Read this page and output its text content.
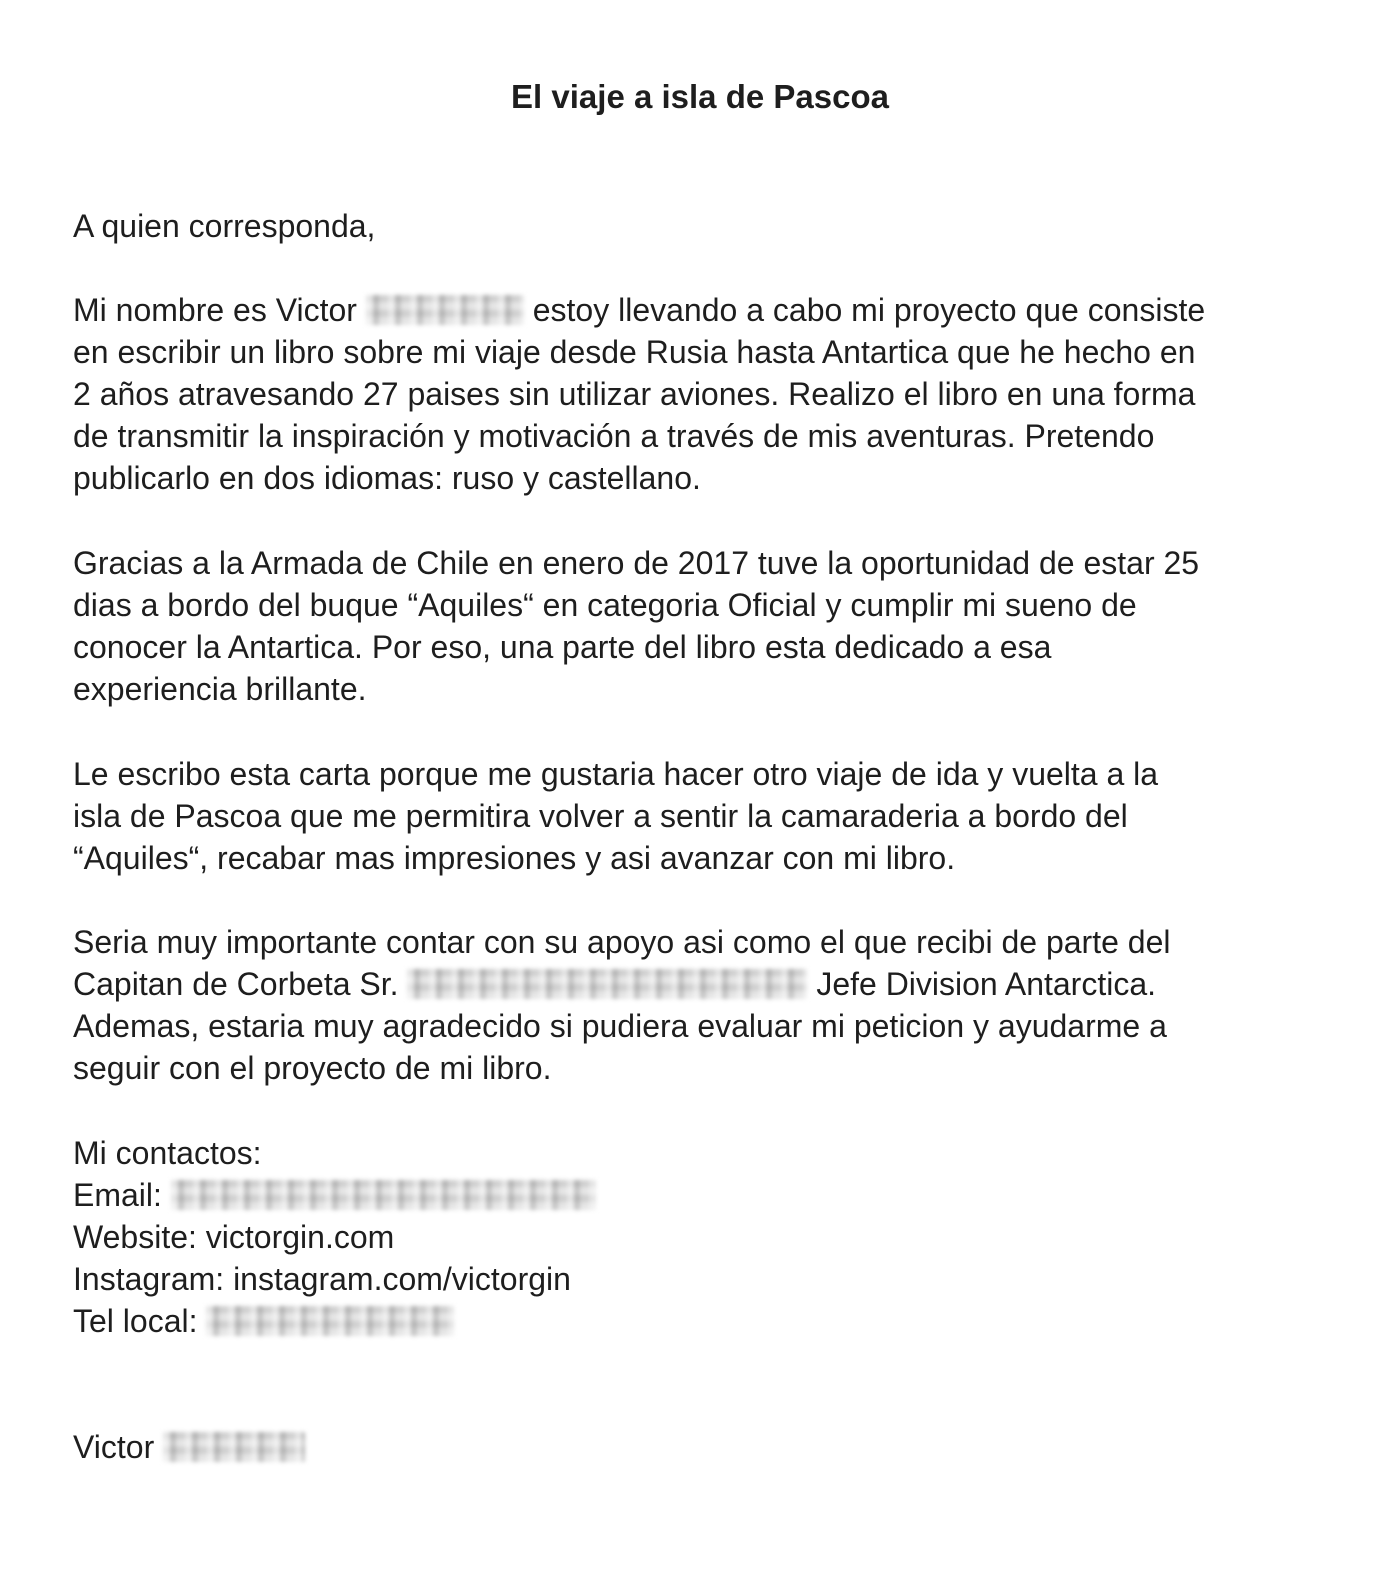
El viaje a isla de Pascoa

A quien corresponda,

Mi nombre es Victor	estoy llevando a cabo mi proyecto que consiste
en escribir un libro sobre mi viaje desde Rusia hasta Antartica que he hecho en
2 años atravesando 27 paises sin utilizar aviones. Realizo el libro en una forma
de transmitir la inspiración y motivación a través de mis aventuras. Pretendo
publicarlo en dos idiomas: ruso y castellano.
Gracias a la Armada de Chile en enero de 2017 tuve la oportunidad de estar 25
dias a bordo del buque “Aquiles“ en categoria Oficial y cumplir mi sueno de
conocer la Antartica. Por eso, una parte del libro esta dedicado a esa
experiencia brillante.
Le escribo esta carta porque me gustaria hacer otro viaje de ida y vuelta a la
isla de Pascoa que me permitira volver a sentir la camaraderia a bordo del
“Aquiles“, recabar mas impresiones y asi avanzar con mi libro.
Seria muy importante contar con su apoyo asi como el que recibi de parte del
Capitan de Corbeta Sr.	Jefe Division Antarctica.
Ademas, estaria muy agradecido si pudiera evaluar mi peticion y ayudarme a
seguir con el proyecto de mi libro.
Mi contactos:
Email:
Website: victorgin.com
Instagram: instagram.com/victorgin
Tel local:
Victor
